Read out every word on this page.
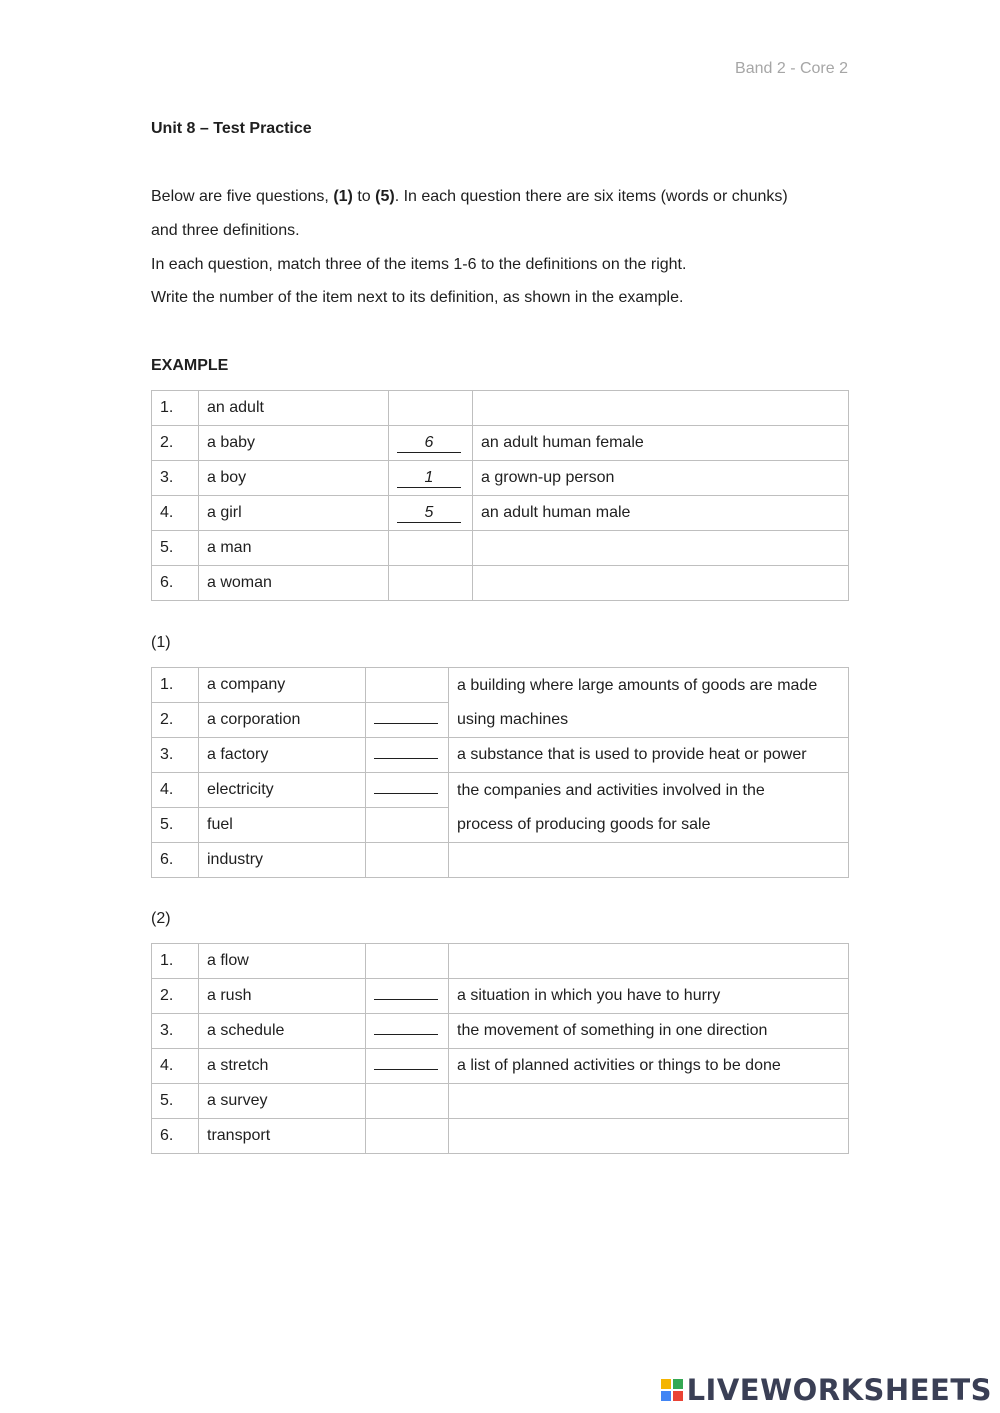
Band 2 - Core 2
Unit 8 – Test Practice
Below are five questions, (1) to (5). In each question there are six items (words or chunks)
and three definitions.
In each question, match three of the items 1-6 to the definitions on the right.
Write the number of the item next to its definition, as shown in the example.
EXAMPLE
1.	an adult		
2.	a baby	6	an adult human female
3.	a boy	1	a grown-up person
4.	a girl	5	an adult human male
5.	a man		
6.	a woman		
(1)
1.	a company		a building where large amounts of goods are made
using machines

2.	a corporation		
3.	a factory		a substance that is used to provide heat or power
4.	electricity		the companies and activities involved in the
process of producing goods for sale

5.	fuel		
6.	industry		
(2)
1.	a flow		
2.	a rush		a situation in which you have to hurry
3.	a schedule		the movement of something in one direction
4.	a stretch		a list of planned activities or things to be done
5.	a survey		
6.	transport		
LIVEWORKSHEETS
